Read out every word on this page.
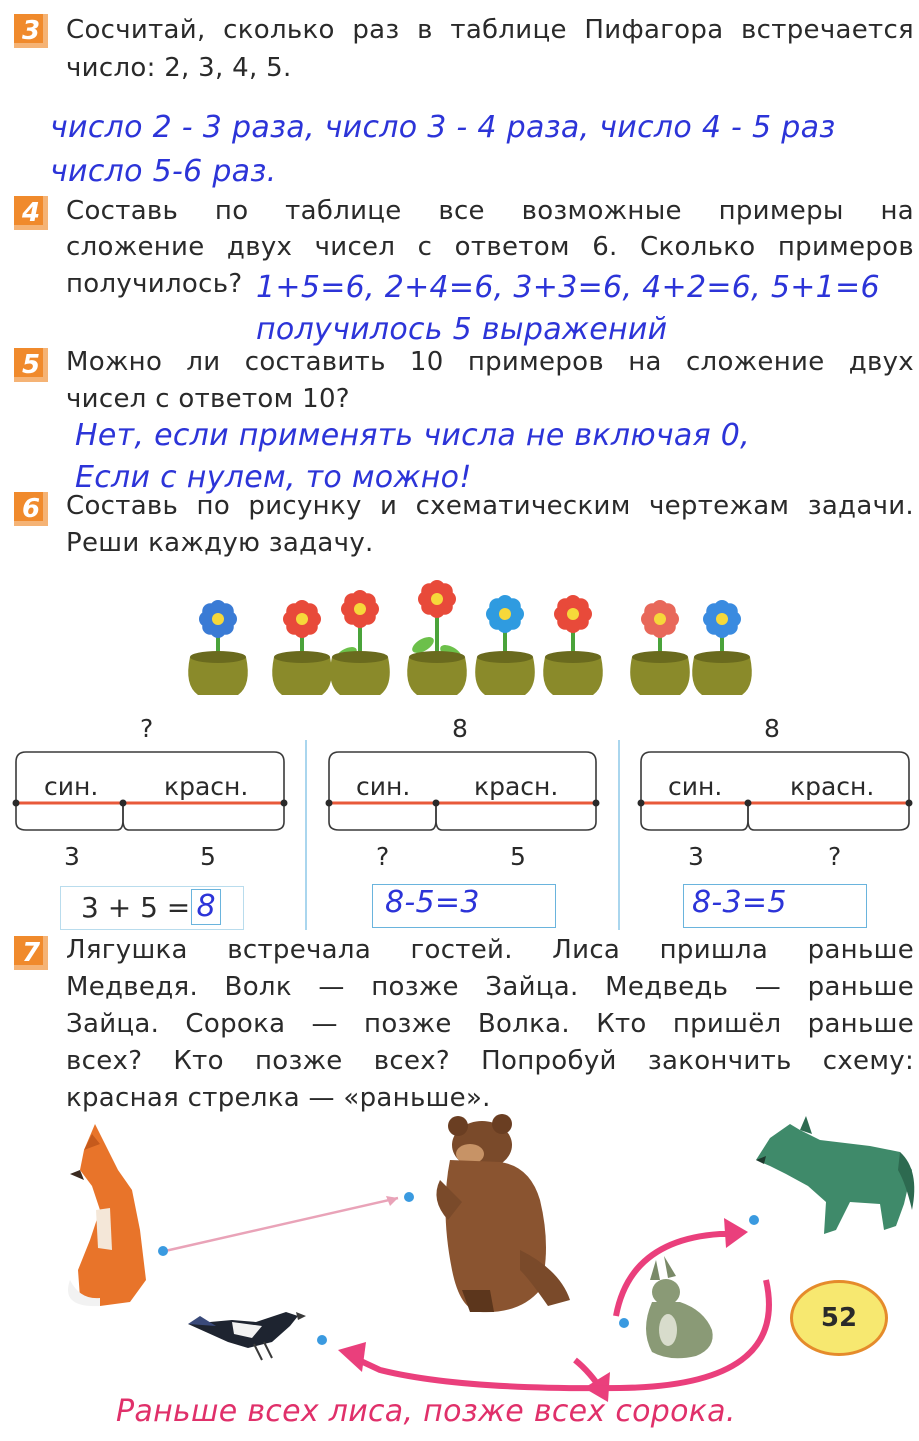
3 Сосчитай, сколько раз в таблице Пифагора встречается
число: 2, 3, 4, 5.
число 2 - 3 раза, число 3 - 4 раза, число 4 - 5 раз
число 5-6 раз.
4 Составь по таблице все возможные примеры на
сложение двух чисел с ответом 6. Сколько примеров
получилось? 1+5=6, 2+4=6, 3+3=6, 4+2=6, 5+1=6
получилось 5 выражений
5 Можно ли составить 10 примеров на сложение двух
чисел с ответом 10?
Нет, если применять числа не включая 0,
Если с нулем, то можно!
6 Составь по рисунку и схематическим чертежам задачи.
Реши каждую задачу.
?
син.	красн.
3	5
8
син.	красн.
?	5
8
син.	красн.
3	?
3 + 5 = 8	8-5=3	8-3=5
7 Лягушка встречала гостей. Лиса пришла раньше
Медведя. Волк — позже Зайца. Медведь — раньше
Зайца. Сорока — позже Волка. Кто пришёл раньше
всех? Кто позже всех? Попробуй закончить схему:
красная стрелка — «раньше».
52
Раньше всех лиса, позже всех сорока.
